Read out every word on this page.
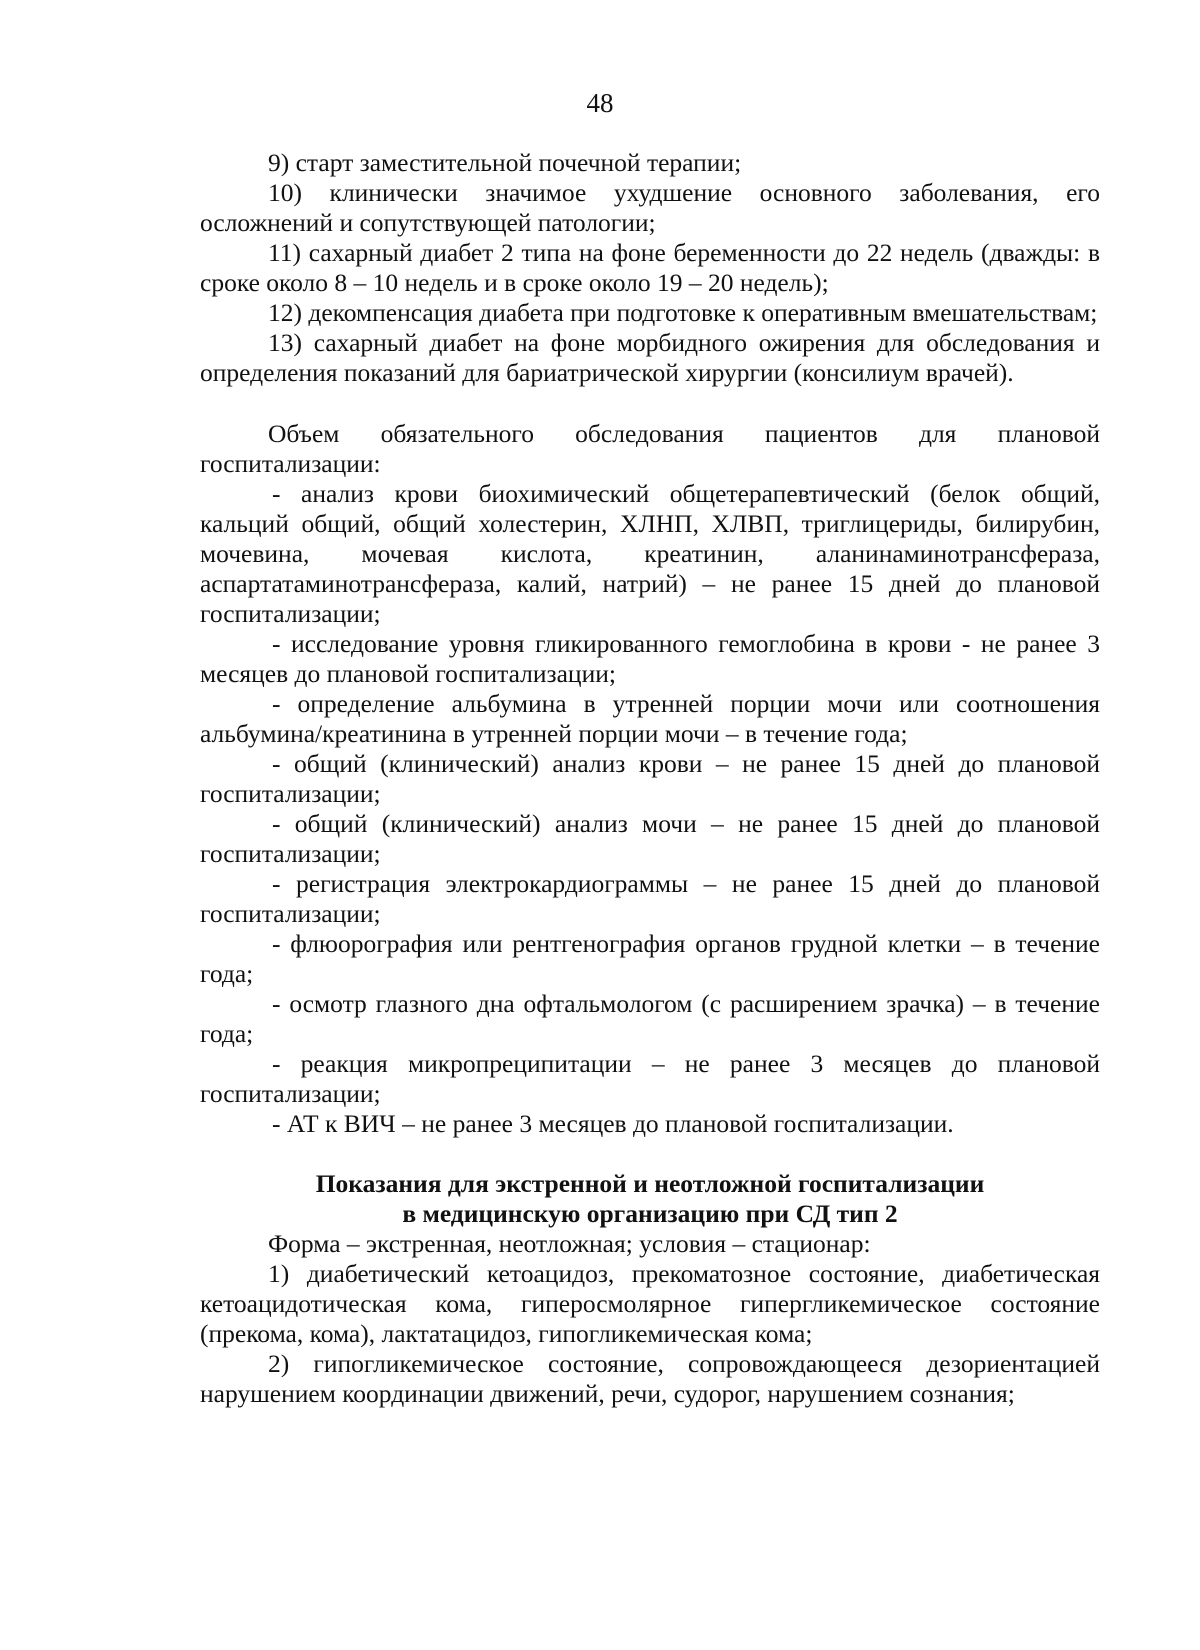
48

9) старт заместительной почечной терапии;

10) клинически значимое ухудшение основного заболевания, его осложнений и сопутствующей патологии;

11) сахарный диабет 2 типа на фоне беременности до 22 недель (дважды: в сроке около 8 – 10 недель и в сроке около 19 – 20 недель);

12) декомпенсация диабета при подготовке к оперативным вмешательствам;

13) сахарный диабет на фоне морбидного ожирения для обследования и определения показаний для бариатрической хирургии (консилиум врачей).

Объем обязательного обследования пациентов для плановой госпитализации:

- анализ крови биохимический общетерапевтический (белок общий, кальций общий, общий холестерин, ХЛНП, ХЛВП, триглицериды, билирубин, мочевина, мочевая кислота, креатинин, аланинаминотрансфераза, аспартатаминотрансфераза, калий, натрий) – не ранее 15 дней до плановой госпитализации;

- исследование уровня гликированного гемоглобина в крови - не ранее 3 месяцев до плановой госпитализации;

- определение альбумина в утренней порции мочи или соотношения альбумина/креатинина в утренней порции мочи – в течение года;

- общий (клинический) анализ крови – не ранее 15 дней до плановой госпитализации;

- общий (клинический) анализ мочи – не ранее 15 дней до плановой госпитализации;

- регистрация электрокардиограммы – не ранее 15 дней до плановой госпитализации;

- флюорография или рентгенография органов грудной клетки – в течение года;

- осмотр глазного дна офтальмологом (с расширением зрачка) – в течение года;

- реакция микропреципитации – не ранее 3 месяцев до плановой госпитализации;

- АТ к ВИЧ – не ранее 3 месяцев до плановой госпитализации.

Показания для экстренной и неотложной госпитализации
в медицинскую организацию при СД тип 2

Форма – экстренная, неотложная; условия – стационар:

1) диабетический кетоацидоз, прекоматозное состояние, диабетическая кетоацидотическая кома, гиперосмолярное гипергликемическое состояние (прекома, кома), лактатацидоз, гипогликемическая кома;

2) гипогликемическое состояние, сопровождающееся дезориентацией нарушением координации движений, речи, судорог, нарушением сознания;
